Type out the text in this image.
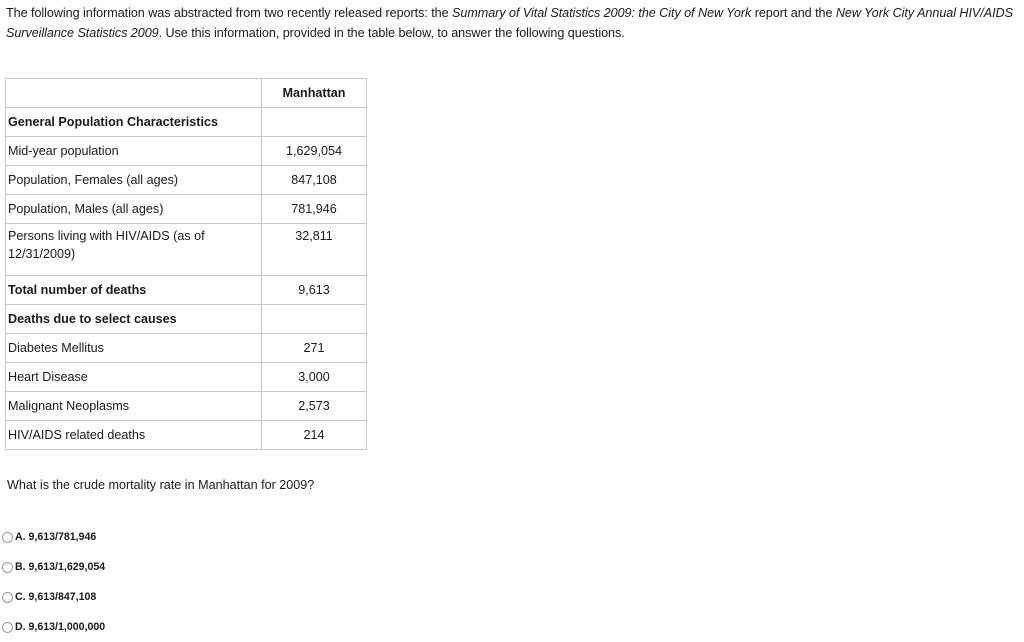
The following information was abstracted from two recently released reports: the Summary of Vital Statistics 2009: the City of New York report and the New York City Annual HIV/AIDS Surveillance Statistics 2009. Use this information, provided in the table below, to answer the following questions.
	Manhattan
General Population Characteristics	
Mid-year population	1,629,054
Population, Females (all ages)	847,108
Population, Males (all ages)	781,946
Persons living with HIV/AIDS (as of 12/31/2009)	32,811
Total number of deaths	9,613
Deaths due to select causes	
Diabetes Mellitus	271
Heart Disease	3,000
Malignant Neoplasms	2,573
HIV/AIDS related deaths	214
What is the crude mortality rate in Manhattan for 2009?
A. 9,613/781,946
B. 9,613/1,629,054
C. 9,613/847,108
D. 9,613/1,000,000
